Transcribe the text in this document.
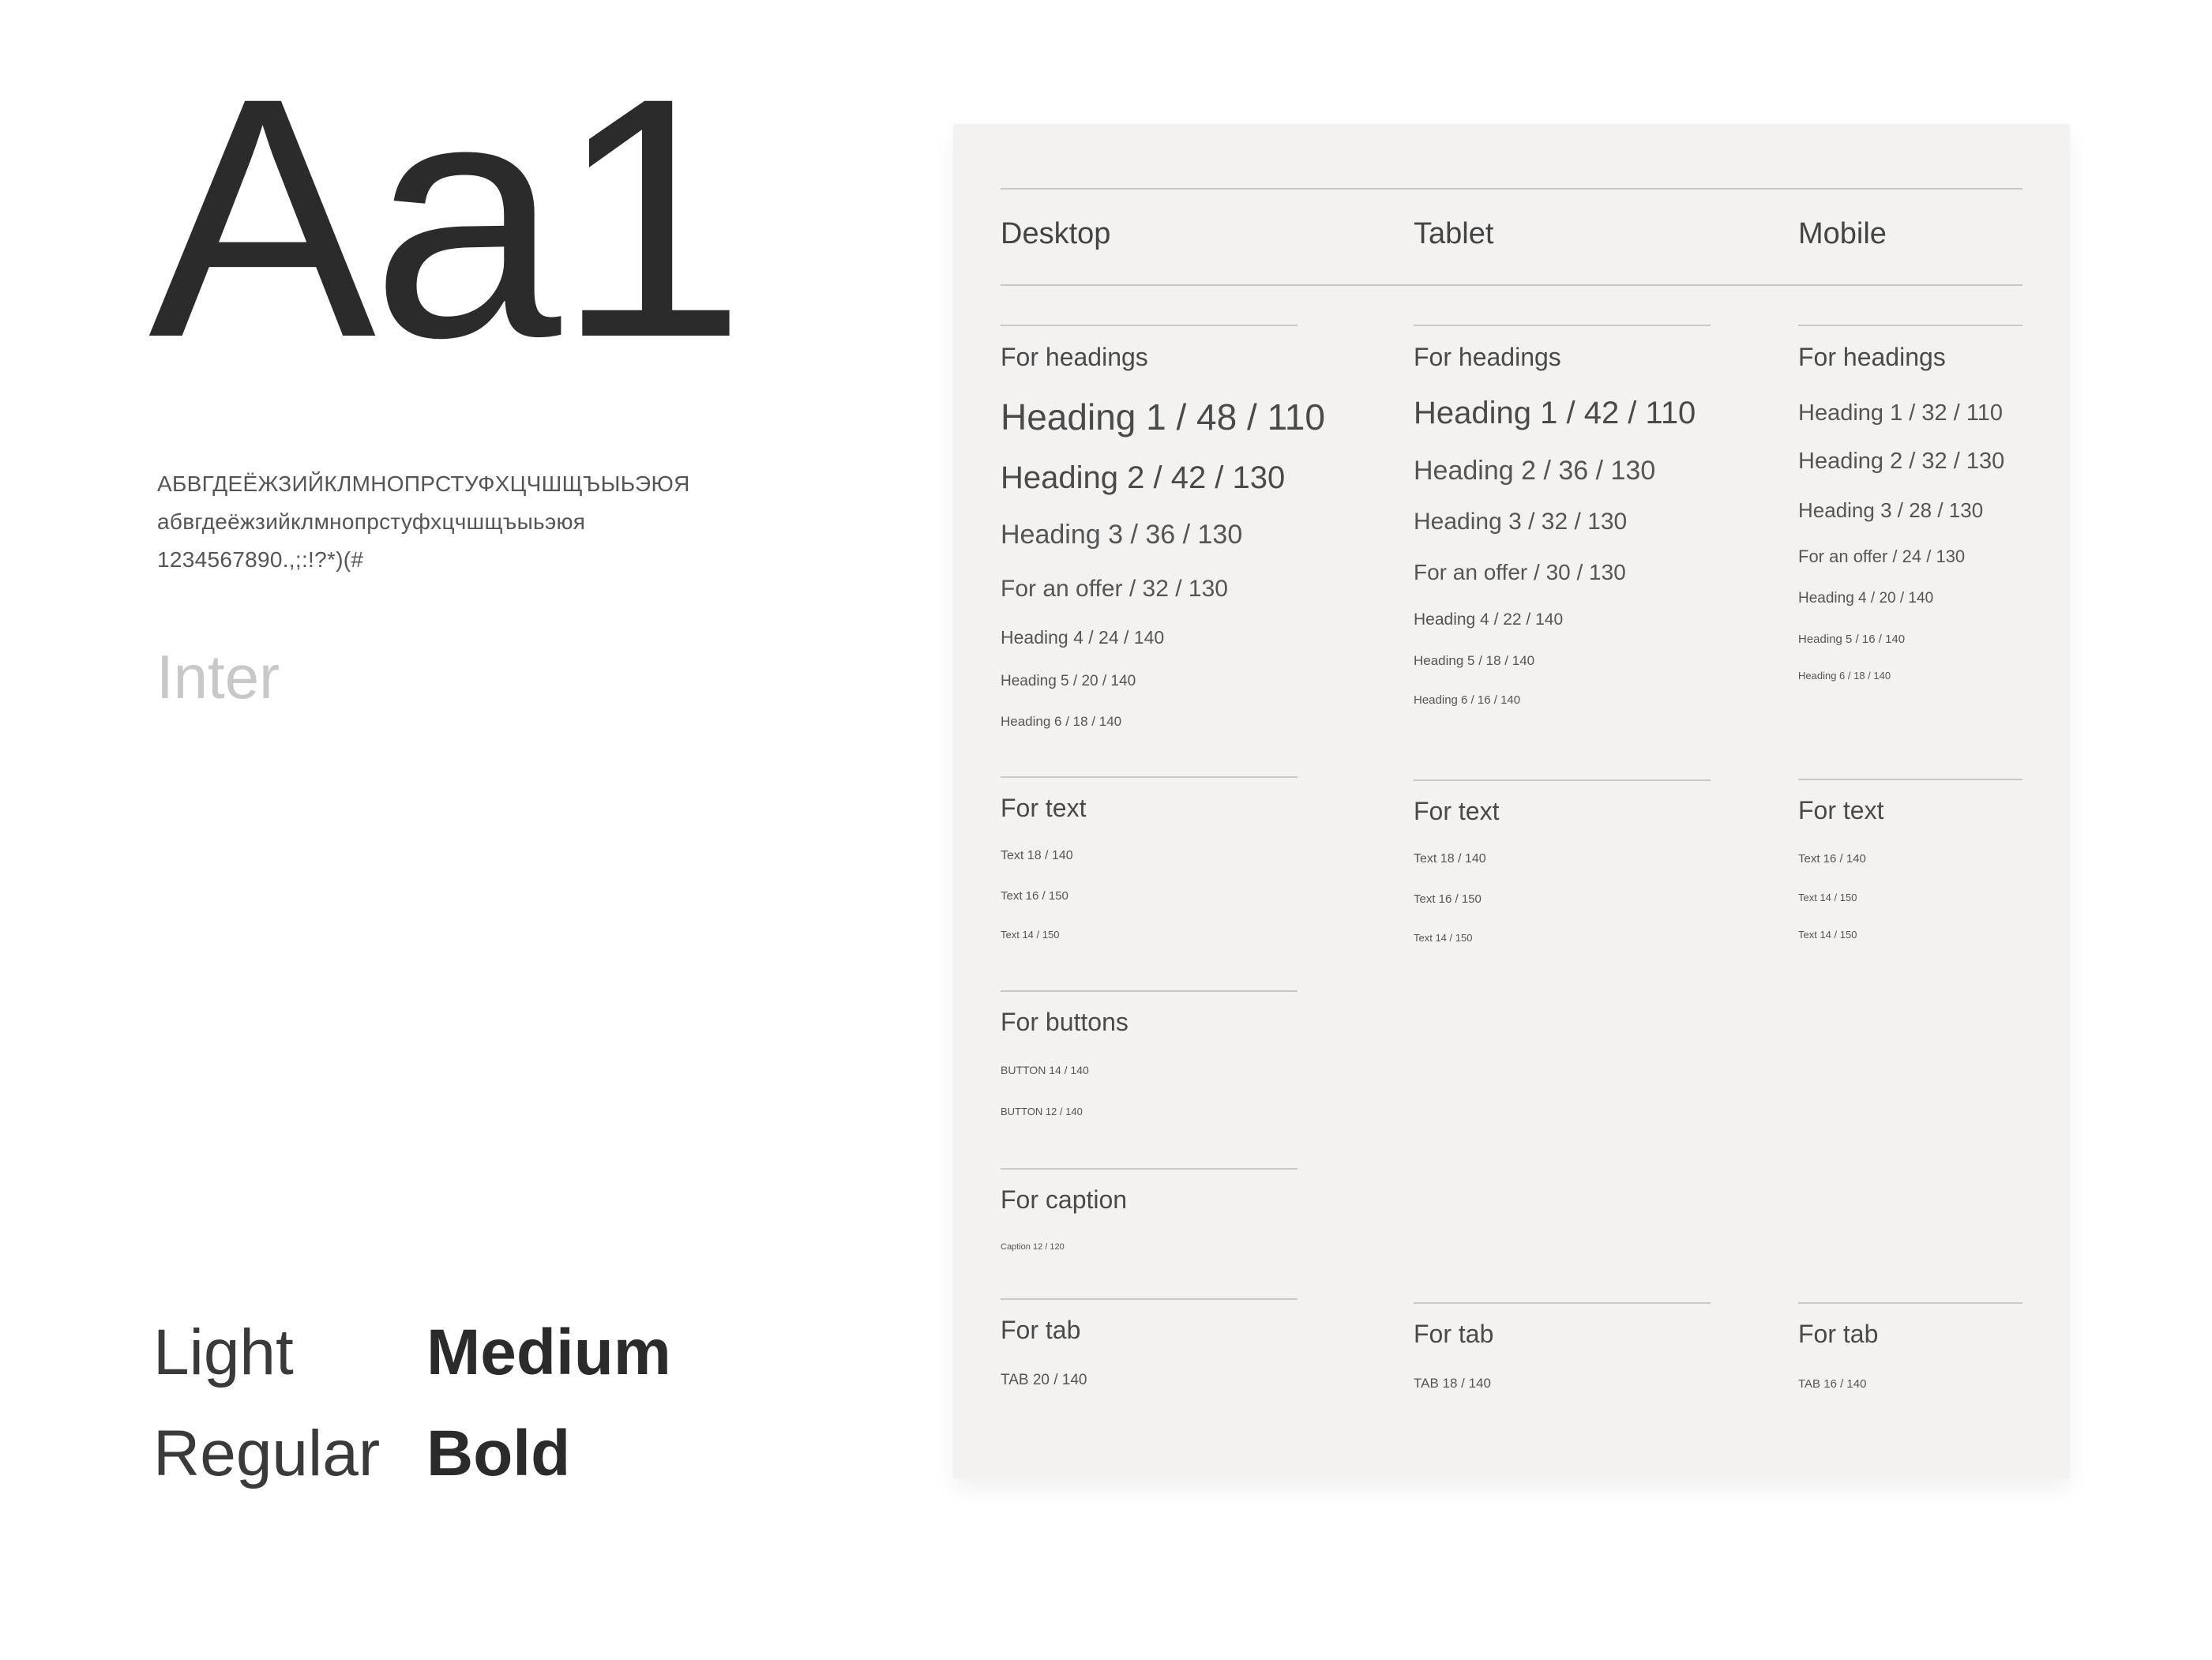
Aa1
АБВГДЕЁЖЗИЙКЛМНОПРСТУФХЦЧШЩЪЫЬЭЮЯ
абвгдеёжзийклмнопрстуфхцчшщъыьэюя
1234567890.,;:!?*)(#
Inter
Light Medium
Regular Bold
Desktop	Tablet	Mobile
For headings
Heading 1 / 48 / 110
Heading 2 / 42 / 130
Heading 3 / 36 / 130
For an offer / 32 / 130
Heading 4 / 24 / 140
Heading 5 / 20 / 140
Heading 6 / 18 / 140
For text
Text 18 / 140
Text 16 / 150
Text 14 / 150
For buttons
BUTTON 14 / 140
BUTTON 12 / 140
For caption
Caption 12 / 120
For tab
TAB 20 / 140
For headings
Heading 1 / 42 / 110
Heading 2 / 36 / 130
Heading 3 / 32 / 130
For an offer / 30 / 130
Heading 4 / 22 / 140
Heading 5 / 18 / 140
Heading 6 / 16 / 140
For text
Text 18 / 140
Text 16 / 150
Text 14 / 150
For tab
TAB 18 / 140
For headings
Heading 1 / 32 / 110
Heading 2 / 32 / 130
Heading 3 / 28 / 130
For an offer / 24 / 130
Heading 4 / 20 / 140
Heading 5 / 16 / 140
Heading 6 / 18 / 140
For text
Text 16 / 140
Text 14 / 150
Text 14 / 150
For tab
TAB 16 / 140
